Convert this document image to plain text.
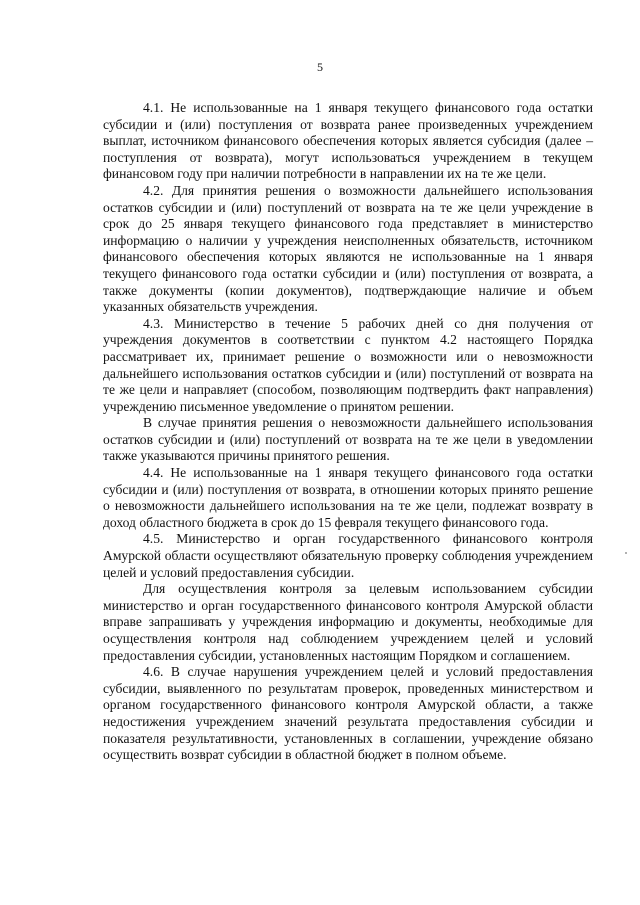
5

4.1. Не использованные на 1 января текущего финансового года остатки субсидии и (или) поступления от возврата ранее произведенных учреждением выплат, источником финансового обеспечения которых является субсидия (далее – поступления от возврата), могут использоваться учреждением в текущем финансовом году при наличии потребности в направлении их на те же цели.

4.2. Для принятия решения о возможности дальнейшего использования остатков субсидии и (или) поступлений от возврата на те же цели учреждение в срок до 25 января текущего финансового года представляет в министерство информацию о наличии у учреждения неисполненных обязательств, источником финансового обеспечения которых являются не использованные на 1 января текущего финансового года остатки субсидии и (или) поступления от возврата, а также документы (копии документов), подтверждающие наличие и объем указанных обязательств учреждения.

4.3. Министерство в течение 5 рабочих дней со дня получения от учреждения документов в соответствии с пунктом 4.2 настоящего Порядка рассматривает их, принимает решение о возможности или о невозможности дальнейшего использования остатков субсидии и (или) поступлений от возврата на те же цели и направляет (способом, позволяющим подтвердить факт направления) учреждению письменное уведомление о принятом решении.

В случае принятия решения о невозможности дальнейшего использования остатков субсидии и (или) поступлений от возврата на те же цели в уведомлении также указываются причины принятого решения.

4.4. Не использованные на 1 января текущего финансового года остатки субсидии и (или) поступления от возврата, в отношении которых принято решение о невозможности дальнейшего использования на те же цели, подлежат возврату в доход областного бюджета в срок до 15 февраля текущего финансового года.

4.5. Министерство и орган государственного финансового контроля Амурской области осуществляют обязательную проверку соблюдения учреждением целей и условий предоставления субсидии.

Для осуществления контроля за целевым использованием субсидии министерство и орган государственного финансового контроля Амурской области вправе запрашивать у учреждения информацию и документы, необходимые для осуществления контроля над соблюдением учреждением целей и условий предоставления субсидии, установленных настоящим Порядком и соглашением.

4.6. В случае нарушения учреждением целей и условий предоставления субсидии, выявленного по результатам проверок, проведенных министерством и органом государственного финансового контроля Амурской области, а также недостижения учреждением значений результата предоставления субсидии и показателя результативности, установленных в соглашении, учреждение обязано осуществить возврат субсидии в областной бюджет в полном объеме.
